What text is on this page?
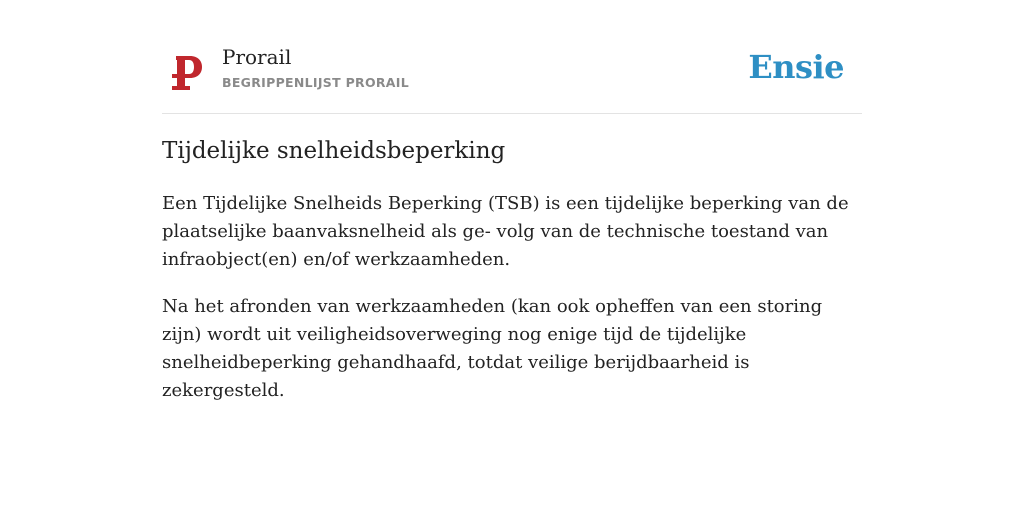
Prorail
BEGRIPPENLIJST PRORAIL	Ensie
Tijdelijke snelheidsbeperking

Een Tijdelijke Snelheids Beperking (TSB) is een tijdelijke beperking van de plaatselijke baanvaksnelheid als ge- volg van de technische toestand van infraobject(en) en/of werkzaamheden.

Na het afronden van werkzaamheden (kan ook opheffen van een storing zijn) wordt uit veiligheidsoverweging nog enige tijd de tijdelijke snelheidbeperking gehandhaafd, totdat veilige berijdbaarheid is zekergesteld.
